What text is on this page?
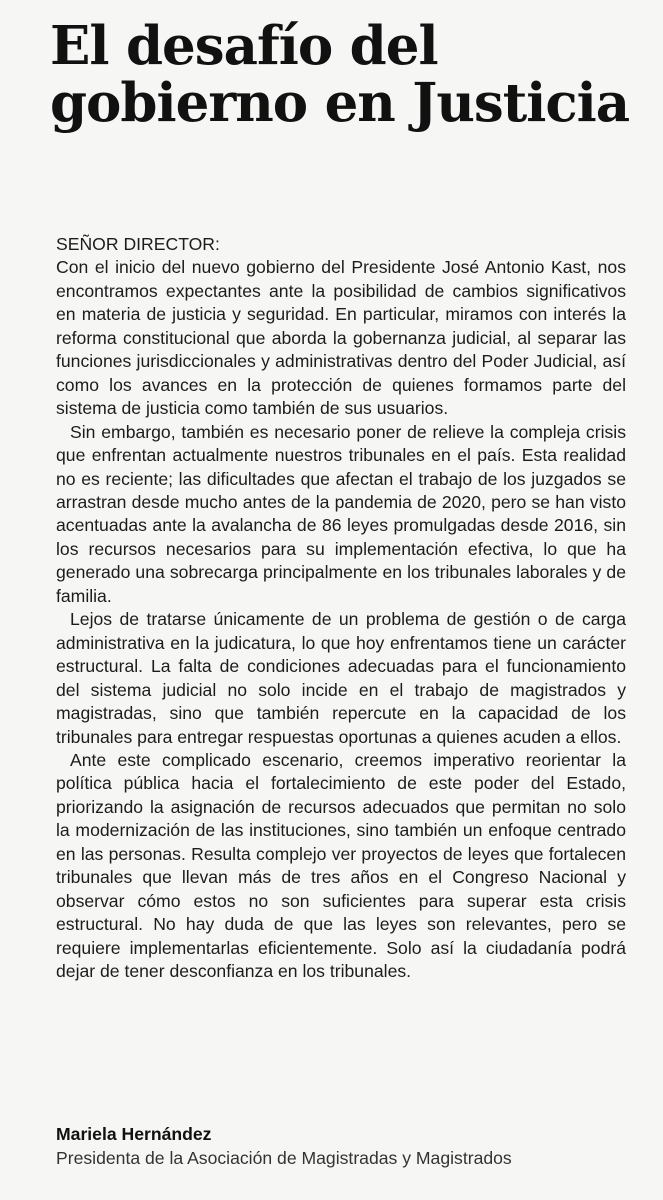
El desafío del gobierno en Justicia

SEÑOR DIRECTOR:

Con el inicio del nuevo gobierno del Presidente José Antonio Kast, nos encontramos expectantes ante la posibilidad de cambios significativos en materia de justicia y seguridad. En particular, miramos con interés la reforma constitucional que aborda la gobernanza judicial, al separar las funciones jurisdiccionales y administrativas dentro del Poder Judicial, así como los avances en la protección de quienes formamos parte del sistema de justicia como también de sus usuarios.

Sin embargo, también es necesario poner de relieve la compleja crisis que enfrentan actualmente nuestros tribunales en el país. Esta realidad no es reciente; las dificultades que afectan el trabajo de los juzgados se arrastran desde mucho antes de la pandemia de 2020, pero se han visto acentuadas ante la avalancha de 86 leyes promulgadas desde 2016, sin los recursos necesarios para su implementación efectiva, lo que ha generado una sobrecarga principalmente en los tribunales laborales y de familia.

Lejos de tratarse únicamente de un problema de gestión o de carga administrativa en la judicatura, lo que hoy enfrentamos tiene un carácter estructural. La falta de condiciones adecuadas para el funcionamiento del sistema judicial no solo incide en el trabajo de magistrados y magistradas, sino que también repercute en la capacidad de los tribunales para entregar respuestas oportunas a quienes acuden a ellos.

Ante este complicado escenario, creemos imperativo reorientar la política pública hacia el fortalecimiento de este poder del Estado, priorizando la asignación de recursos adecuados que permitan no solo la modernización de las instituciones, sino también un enfoque centrado en las personas. Resulta complejo ver proyectos de leyes que fortalecen tribunales que llevan más de tres años en el Congreso Nacional y observar cómo estos no son suficientes para superar esta crisis estructural. No hay duda de que las leyes son relevantes, pero se requiere implementarlas eficientemente. Solo así la ciudadanía podrá dejar de tener desconfianza en los tribunales.

Mariela Hernández
Presidenta de la Asociación de Magistradas y Magistrados
